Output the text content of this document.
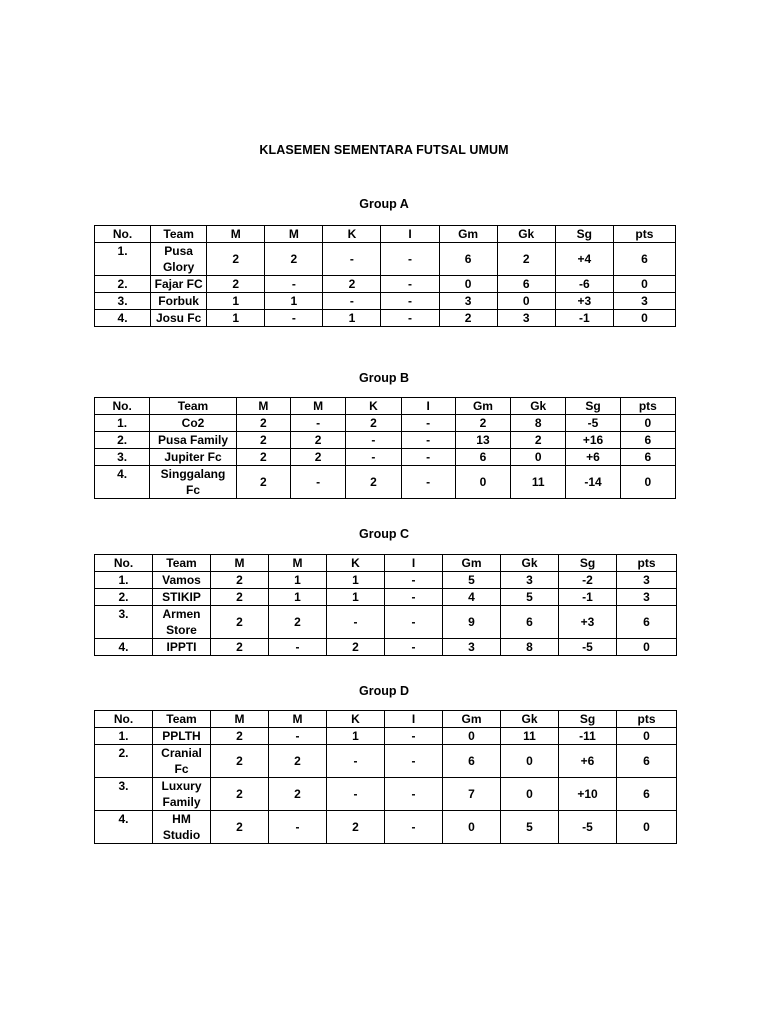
KLASEMEN SEMENTARA FUTSAL UMUM
Group A
No.	Team	M	M	K	I	Gm	Gk	Sg	pts
1.	Pusa Glory	2	2	-	-	6	2	+4	6
2.	Fajar FC	2	-	2	-	0	6	-6	0
3.	Forbuk	1	1	-	-	3	0	+3	3
4.	Josu Fc	1	-	1	-	2	3	-1	0
Group B
No.	Team	M	M	K	I	Gm	Gk	Sg	pts
1.	Co2	2	-	2	-	2	8	-5	0
2.	Pusa Family	2	2	-	-	13	2	+16	6
3.	Jupiter Fc	2	2	-	-	6	0	+6	6
4.	Singgalang Fc	2	-	2	-	0	11	-14	0
Group C
No.	Team	M	M	K	I	Gm	Gk	Sg	pts
1.	Vamos	2	1	1	-	5	3	-2	3
2.	STIKIP	2	1	1	-	4	5	-1	3
3.	Armen Store	2	2	-	-	9	6	+3	6
4.	IPPTI	2	-	2	-	3	8	-5	0
Group D
No.	Team	M	M	K	I	Gm	Gk	Sg	pts
1.	PPLTH	2	-	1	-	0	11	-11	0
2.	Cranial Fc	2	2	-	-	6	0	+6	6
3.	Luxury Family	2	2	-	-	7	0	+10	6
4.	HM Studio	2	-	2	-	0	5	-5	0
